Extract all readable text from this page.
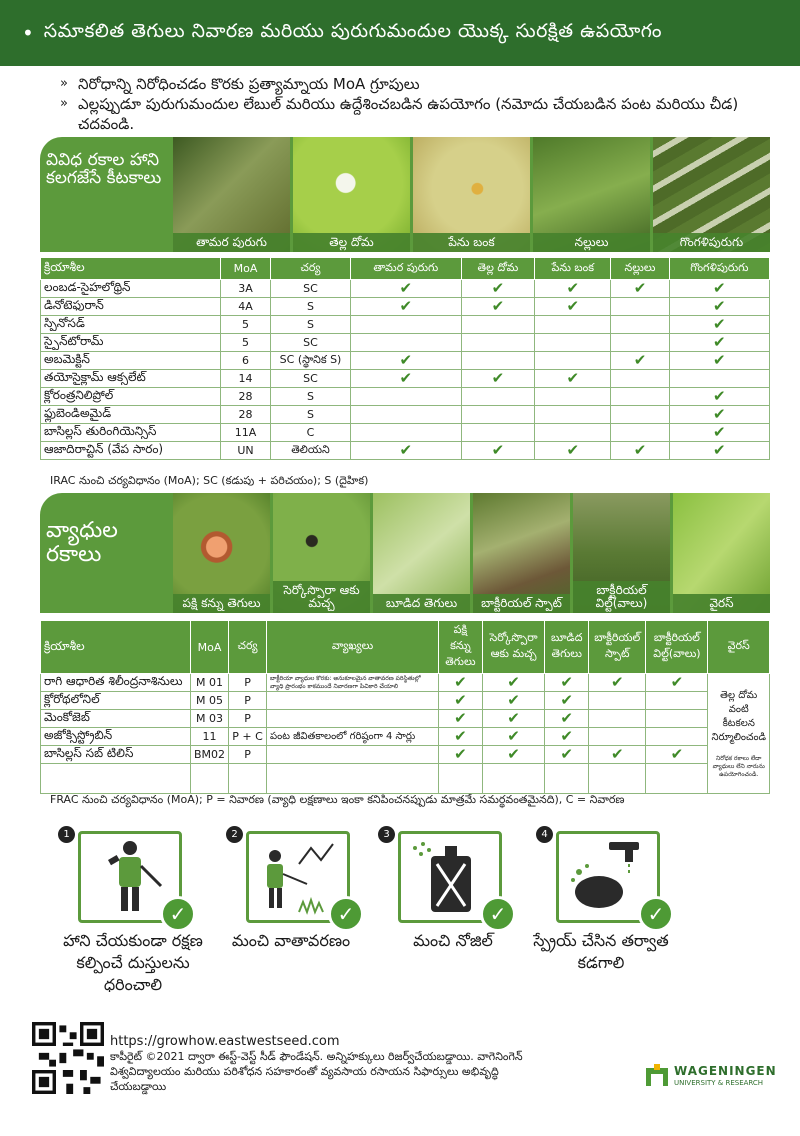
• సమాకలిత తెగులు నివారణ మరియు పురుగుమందుల యొక్క సురక్షిత ఉపయోగం
» నిరోధాన్ని నిరోధించడం కొరకు ప్రత్యామ్నాయ MoA గ్రూపులు
» ఎల్లప్పుడూ పురుగుమందుల లేబుల్ మరియు ఉద్దేశించబడిన ఉపయోగం (నమోదు చేయబడిన పంట మరియు చీడ) చదవండి.
వివిధ రకాల హాని కలగజేసే కీటకాలు
తామర పురుగు	తెల్ల దోమ	పేను బంక	నల్లులు	గొంగళిపురుగు
క్రియాశీల	MoA	చర్య	తామర పురుగు	తెల్ల దోమ	పేను బంక	నల్లులు	గొంగళిపురుగు
లంబడ-సైహలోథ్రిన్	3A	SC	✔	✔	✔	✔	✔
డినోటెఫురాన్	4A	S	✔	✔	✔		✔
స్పినోసడ్	5	S					✔
స్పైన్‌టోరామ్	5	SC					✔
అబమెక్టిన్	6	SC (స్థానిక S)	✔			✔	✔
తయోసైక్లామ్ ఆక్సలేట్	14	SC	✔	✔	✔		
క్లోరంత్రనిలిప్రోల్	28	S					✔
ఫ్లుబెండిఅమైడ్	28	S					✔
బాసిల్లస్ తురింగియెన్సిస్	11A	C					✔
ఆజాదిరాచ్టిన్ (వేప సారం)	UN	తెలియని	✔	✔	✔	✔	✔
IRAC నుంచి చర్యవిధానం (MoA); SC (కడుపు + పరిచయం); S (దైహిక)
వ్యాధుల రకాలు
పక్షి కన్ను తెగులు
సెర్కోస్పొరా ఆకు మచ్చ	బూడిద తెగులు	బాక్టీరియల్ స్పాట్
బాక్టీరియల్ విల్ట్(వాలు)	వైరస్
క్రియాశీల	MoA	చర్య	వ్యాఖ్యలు	పక్షి కన్ను తెగులు	సెర్కోస్పొరా ఆకు మచ్చ	బూడిద తెగులు	బాక్టీరియల్ స్పాట్	బాక్టీరియల్ విల్ట్(వాలు)	వైరస్
రాగి ఆధారిత శిలీంద్రనాశినులు	M 01	P	బాక్టీరియా వ్యాధుల కొరకు: అనుకూలమైన వాతావరణ పరిస్థితుల్లో వ్యాధి ప్రారంభం కాకముందే నివారణగా పిచికారి చేయాలి	✔	✔	✔	✔	✔	తెల్ల దోమ వంటి కీటకలన నిర్మూలించండి
నిరోధక రకాలు లేదా వ్యాధులు లేని నారును ఉపయోగించండి.

క్లోరోథలోనిల్	M 05	P		✔	✔	✔			
మెంకోజెబ్	M 03	P		✔	✔	✔			
అజోక్సిస్ట్రోబిన్	11	P + C	పంట జీవితకాలంలో గరిష్ఠంగా 4 సార్లు	✔	✔	✔			
బాసిల్లస్ సబ్ టిలిస్	BM02	P		✔	✔	✔	✔	✔	

FRAC నుంచి చర్యవిధానం (MoA); P = నివారణ (వ్యాధి లక్షణాలు ఇంకా కనిపించనప్పుడు మాత్రమే సమర్థవంతమైనది), C = నివారణ
1
✓
హాని చేయకుండా రక్షణ కల్పించే దుస్తులను ధరించాలి
2
✓
మంచి వాతావరణం
3
✓
మంచి నోజిల్
4
✓
స్ప్రేయ్ చేసిన తర్వాత కడగాలి
https://growhow.eastwestseed.com
కాపీరైట్ ©2021 ద్వారా ఈస్ట్-వెస్ట్ సీడ్ ఫౌండేషన్. అన్నిహక్కులు రిజర్వ్‌చేయబడ్డాయి. వాగెనింగెన్
విశ్వవిద్యాలయం మరియు పరిశోధన సహకారంతో వ్యవసాయ రసాయన సిఫార్సులు అభివృద్ధి
చేయబడ్డాయి
WAGENINGEN
UNIVERSITY & RESEARCH
